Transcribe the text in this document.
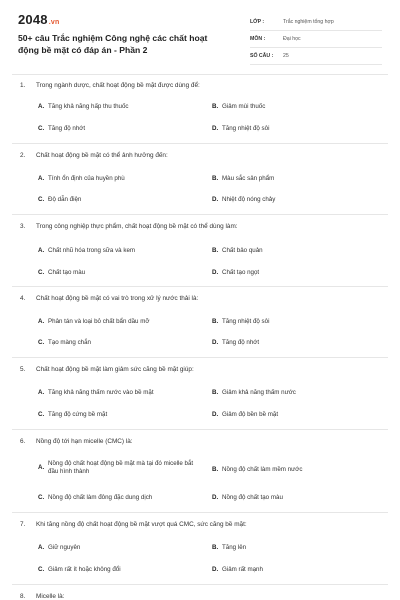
2048.vn
50+ câu Trắc nghiệm Công nghệ các chất hoạt động bề mặt có đáp án - Phần 2
LỚP :	Trắc nghiệm tổng hợp
MÔN :	Đại học
SỐ CÂU :	25
1. Trong ngành dược, chất hoạt động bề mặt được dùng để:
A. Tăng khả năng hấp thu thuốc	B. Giảm mùi thuốc
C. Tăng độ nhớt	D. Tăng nhiệt độ sôi
2. Chất hoạt động bề mặt có thể ảnh hưởng đến:
A. Tính ổn định của huyền phù	B. Màu sắc sản phẩm
C. Độ dẫn điện	D. Nhiệt độ nóng chảy
3. Trong công nghiệp thực phẩm, chất hoạt động bề mặt có thể dùng làm:
A. Chất nhũ hóa trong sữa và kem	B. Chất bảo quản
C. Chất tạo màu	D. Chất tạo ngọt
4. Chất hoạt động bề mặt có vai trò trong xử lý nước thải là:
A. Phân tán và loại bỏ chất bẩn dầu mỡ	B. Tăng nhiệt độ sôi
C. Tạo màng chắn	D. Tăng độ nhớt
5. Chất hoạt động bề mặt làm giảm sức căng bề mặt giúp:
A. Tăng khả năng thấm nước vào bề mặt	B. Giảm khả năng thấm nước
C. Tăng độ cứng bề mặt	D. Giảm độ bền bề mặt
6. Nồng độ tới hạn micelle (CMC) là:
A.Nồng độ chất hoạt động bề mặt mà tại đó micelle bắt đầu hình thành	B. Nồng độ chất làm mềm nước
C. Nồng độ chất làm đông đặc dung dịch	D. Nồng độ chất tạo màu
7. Khi tăng nồng độ chất hoạt động bề mặt vượt quá CMC, sức căng bề mặt:
A. Giữ nguyên	B. Tăng lên
C. Giảm rất ít hoặc không đổi	D. Giảm rất mạnh
8. Micelle là:
